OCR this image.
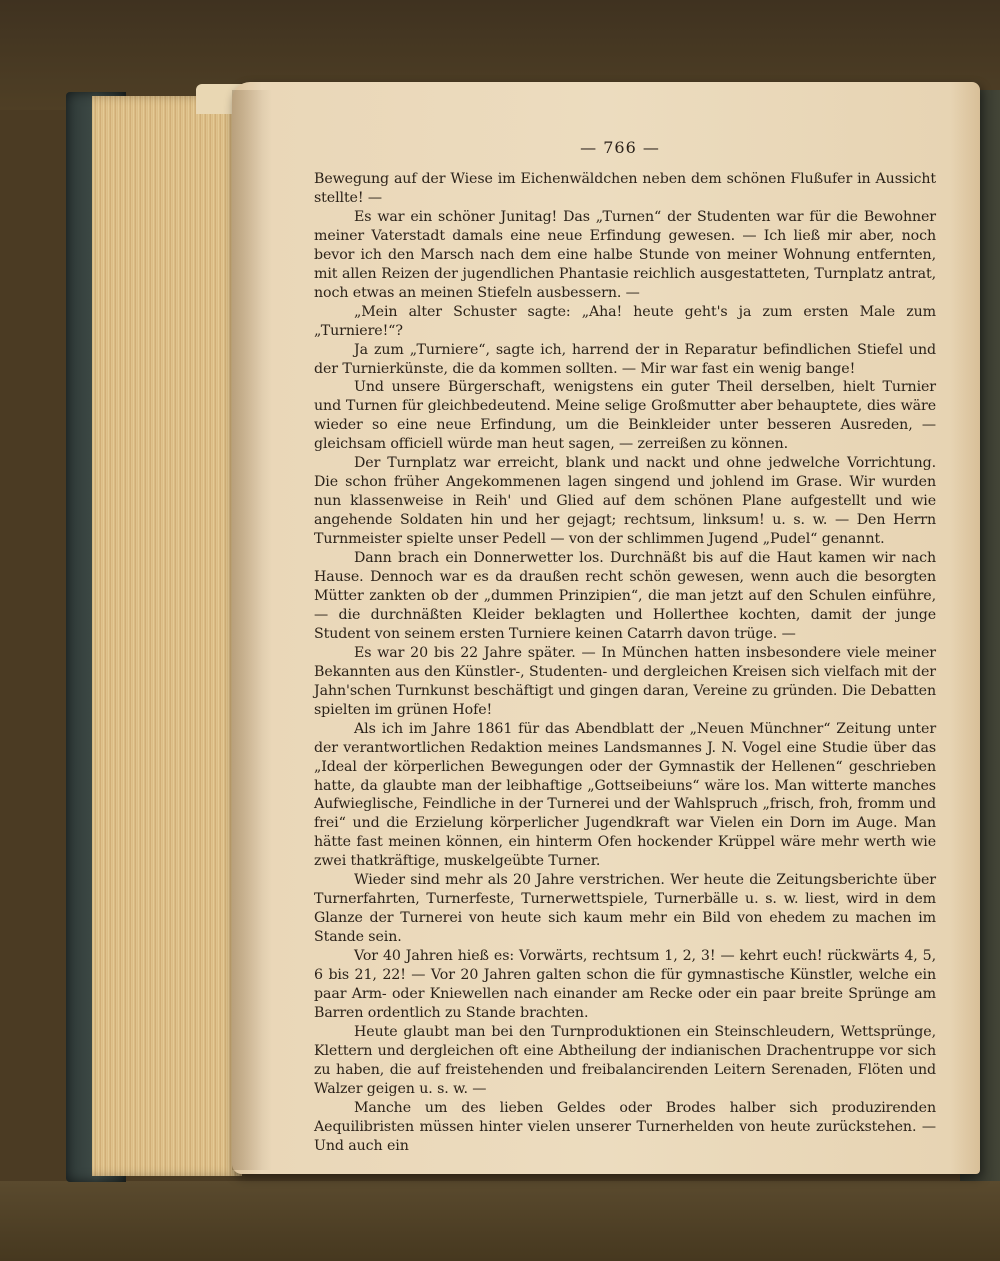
— 766 —

Bewegung auf der Wiese im Eichenwäldchen neben dem schönen Flußufer in Aussicht stellte! —

Es war ein schöner Junitag! Das „Turnen“ der Studenten war für die Bewohner meiner Vaterstadt damals eine neue Erfindung gewesen. — Ich ließ mir aber, noch bevor ich den Marsch nach dem eine halbe Stunde von meiner Wohnung entfernten, mit allen Reizen der jugendlichen Phantasie reichlich ausgestatteten, Turnplatz antrat, noch etwas an meinen Stiefeln ausbessern. —

„Mein alter Schuster sagte: „Aha! heute geht's ja zum ersten Male zum „Turniere!“?

Ja zum „Turniere“, sagte ich, harrend der in Reparatur befindlichen Stiefel und der Turnierkünste, die da kommen sollten. — Mir war fast ein wenig bange!

Und unsere Bürgerschaft, wenigstens ein guter Theil derselben, hielt Turnier und Turnen für gleichbedeutend. Meine selige Großmutter aber behauptete, dies wäre wieder so eine neue Erfindung, um die Beinkleider unter besseren Ausreden, — gleichsam officiell würde man heut sagen, — zerreißen zu können.

Der Turnplatz war erreicht, blank und nackt und ohne jedwelche Vorrichtung. Die schon früher Angekommenen lagen singend und johlend im Grase. Wir wurden nun klassenweise in Reih' und Glied auf dem schönen Plane aufgestellt und wie angehende Soldaten hin und her gejagt; rechtsum, linksum! u. s. w. — Den Herrn Turnmeister spielte unser Pedell — von der schlimmen Jugend „Pudel“ genannt.

Dann brach ein Donnerwetter los. Durchnäßt bis auf die Haut kamen wir nach Hause. Dennoch war es da draußen recht schön gewesen, wenn auch die besorgten Mütter zankten ob der „dummen Prinzipien“, die man jetzt auf den Schulen einführe, — die durchnäßten Kleider beklagten und Hollerthee kochten, damit der junge Student von seinem ersten Turniere keinen Catarrh davon trüge. —

Es war 20 bis 22 Jahre später. — In München hatten insbesondere viele meiner Bekannten aus den Künstler-, Studenten- und dergleichen Kreisen sich vielfach mit der Jahn'schen Turnkunst beschäftigt und gingen daran, Vereine zu gründen. Die Debatten spielten im grünen Hofe!

Als ich im Jahre 1861 für das Abendblatt der „Neuen Münchner“ Zeitung unter der verantwortlichen Redaktion meines Landsmannes J. N. Vogel eine Studie über das „Ideal der körperlichen Bewegungen oder der Gymnastik der Hellenen“ geschrieben hatte, da glaubte man der leibhaftige „Gottseibeiuns“ wäre los. Man witterte manches Aufwieglische, Feindliche in der Turnerei und der Wahlspruch „frisch, froh, fromm und frei“ und die Erzielung körperlicher Jugendkraft war Vielen ein Dorn im Auge. Man hätte fast meinen können, ein hinterm Ofen hockender Krüppel wäre mehr werth wie zwei thatkräftige, muskelgeübte Turner.

Wieder sind mehr als 20 Jahre verstrichen. Wer heute die Zeitungsberichte über Turnerfahrten, Turnerfeste, Turnerwettspiele, Turnerbälle u. s. w. liest, wird in dem Glanze der Turnerei von heute sich kaum mehr ein Bild von ehedem zu machen im Stande sein.

Vor 40 Jahren hieß es: Vorwärts, rechtsum 1, 2, 3! — kehrt euch! rückwärts 4, 5, 6 bis 21, 22! — Vor 20 Jahren galten schon die für gymnastische Künstler, welche ein paar Arm- oder Kniewellen nach einander am Recke oder ein paar breite Sprünge am Barren ordentlich zu Stande brachten.

Heute glaubt man bei den Turnproduktionen ein Steinschleudern, Wettsprünge, Klettern und dergleichen oft eine Abtheilung der indianischen Drachentruppe vor sich zu haben, die auf freistehenden und freibalancirenden Leitern Serenaden, Flöten und Walzer geigen u. s. w. —

Manche um des lieben Geldes oder Brodes halber sich produzirenden Aequilibristen müssen hinter vielen unserer Turnerhelden von heute zurückstehen. — Und auch ein
